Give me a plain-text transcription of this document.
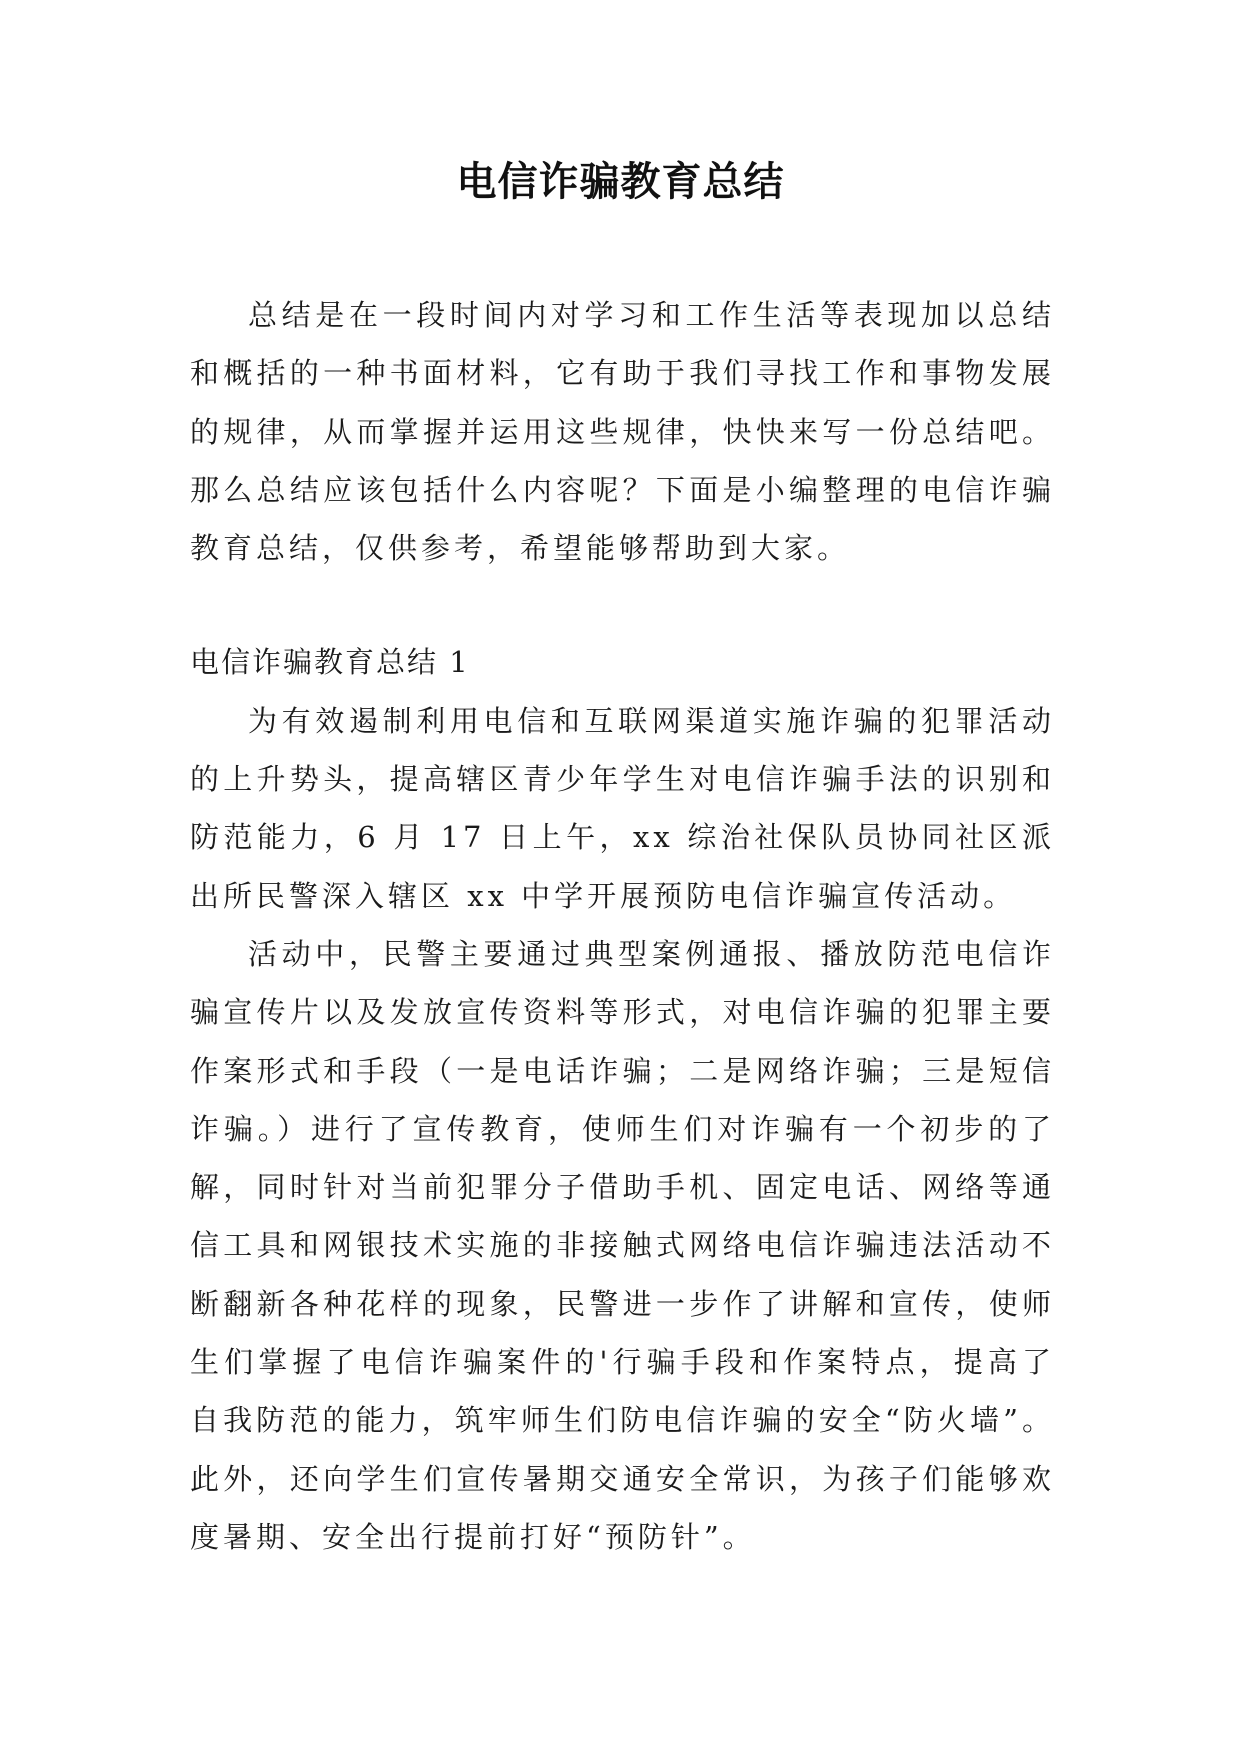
电信诈骗教育总结

总结是在一段时间内对学习和工作生活等表现加以总结和概括的一种书面材料，它有助于我们寻找工作和事物发展的规律，从而掌握并运用这些规律，快快来写一份总结吧。那么总结应该包括什么内容呢？下面是小编整理的电信诈骗教育总结，仅供参考，希望能够帮助到大家。

电信诈骗教育总结 1

为有效遏制利用电信和互联网渠道实施诈骗的犯罪活动的上升势头，提高辖区青少年学生对电信诈骗手法的识别和防范能力，6 月 17 日上午，xx 综治社保队员协同社区派出所民警深入辖区 xx 中学开展预防电信诈骗宣传活动。

活动中，民警主要通过典型案例通报、播放防范电信诈骗宣传片以及发放宣传资料等形式，对电信诈骗的犯罪主要作案形式和手段（一是电话诈骗；二是网络诈骗；三是短信诈骗。）进行了宣传教育，使师生们对诈骗有一个初步的了解，同时针对当前犯罪分子借助手机、固定电话、网络等通信工具和网银技术实施的非接触式网络电信诈骗违法活动不断翻新各种花样的现象，民警进一步作了讲解和宣传，使师生们掌握了电信诈骗案件的'行骗手段和作案特点，提高了自我防范的能力，筑牢师生们防电信诈骗的安全“防火墙”。此外，还向学生们宣传暑期交通安全常识，为孩子们能够欢度暑期、安全出行提前打好“预防针”。
